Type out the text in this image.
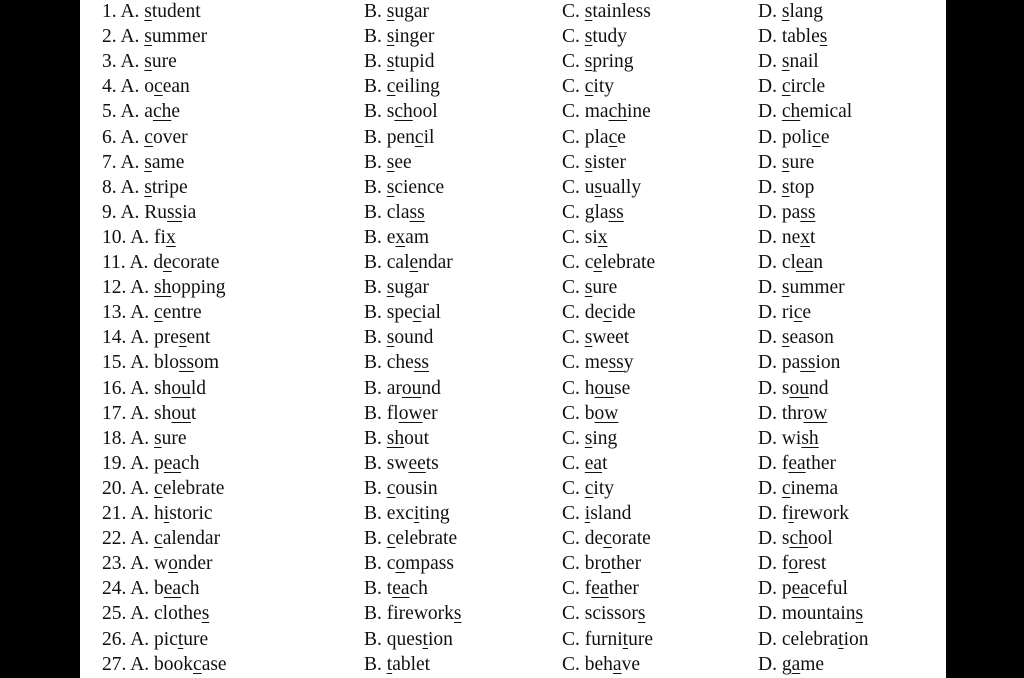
1. A. student	B. sugar	C. stainless	D. slang
2. A. summer	B. singer	C. study	D. tables
3. A. sure	B. stupid	C. spring	D. snail
4. A. ocean	B. ceiling	C. city	D. circle
5. A. ache	B. school	C. machine	D. chemical
6. A. cover	B. pencil	C. place	D. police
7. A. same	B. see	C. sister	D. sure
8. A. stripe	B. science	C. usually	D. stop
9. A. Russia	B. class	C. glass	D. pass
10. A. fix	B. exam	C. six	D. next
11. A. decorate	B. calendar	C. celebrate	D. clean
12. A. shopping	B. sugar	C. sure	D. summer
13. A. centre	B. special	C. decide	D. rice
14. A. present	B. sound	C. sweet	D. season
15. A. blossom	B. chess	C. messy	D. passion
16. A. should	B. around	C. house	D. sound
17. A. shout	B. flower	C. bow	D. throw
18. A. sure	B. shout	C. sing	D. wish
19. A. peach	B. sweets	C. eat	D. feather
20. A. celebrate	B. cousin	C. city	D. cinema
21. A. historic	B. exciting	C. island	D. firework
22. A. calendar	B. celebrate	C. decorate	D. school
23. A. wonder	B. compass	C. brother	D. forest
24. A. beach	B. teach	C. feather	D. peaceful
25. A. clothes	B. fireworks	C. scissors	D. mountains
26. A. picture	B. question	C. furniture	D. celebration
27. A. bookcase	B. tablet	C. behave	D. game
